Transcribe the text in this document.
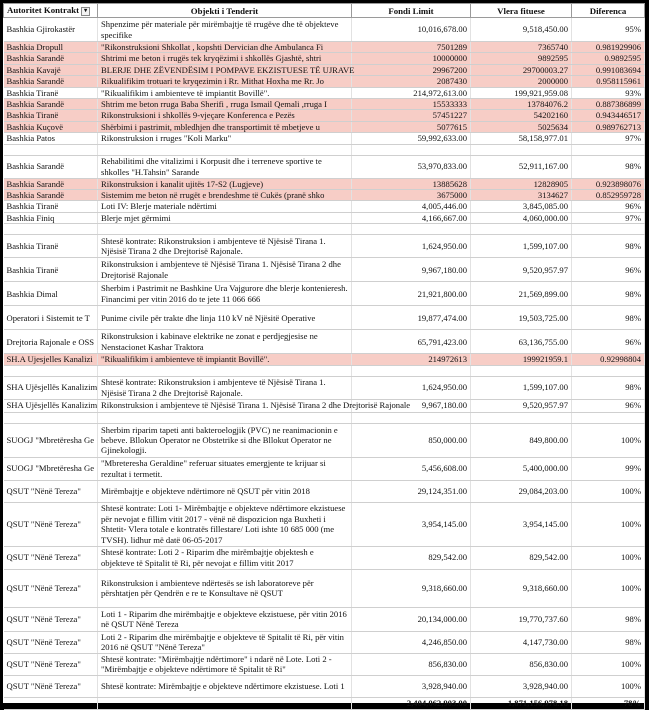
Autoritet Kontrakt ▾	Objekti i Tenderit	Fondi Limit	Vlera fituese	Diferenca
Bashkia Gjirokastër	Shpenzime për materiale për mirëmbajtje të rrugëve dhe të objekteve specifike	10,016,678.00	9,518,450.00	95%
Bashkia Dropull	"Rikonstruksioni Shkollat , kopshti Dervician dhe Ambulanca Fi	7501289	7365740	0.981929906
Bashkia Sarandë	Shtrimi me beton i rrugës tek kryqëzimi i shkollës Gjashtë, shtri	10000000	9892595	0.9892595
Bashkia Kavajë	BLERJE DHE ZËVENDËSIM I POMPAVE EKZISTUESE TË UJRAVE	29967200	29700003.27	0.991083694
Bashkia Sarandë	Rikualifikim trotuari te kryqezimin i Rr. Mithat Hoxha me Rr. Jo	2087430	2000000	0.958115961
Bashkia Tiranë	"Rikualifikim i ambienteve të impiantit Bovillë".	214,972,613.00	199,921,959.08	93%
Bashkia Sarandë	Shtrim me beton rruga Baba Sherifi , rruga Ismail Qemali ,rruga I	15533333	13784076.2	0.887386899
Bashkia Tiranë	Rikonstruksioni i shkollës 9-vjeçare Konferenca e Pezës	57451227	54202160	0.943446517
Bashkia Kuçovë	Shërbimi i pastrimit, mbledhjen dhe transportimit të mbetjeve u	5077615	5025634	0.989762713
Bashkia Patos	Rikonstruksion i rruges "Koli Marku"	59,992,633.00	58,158,977.01	97%

Bashkia Sarandë	Rehabilitimi dhe vitalizimi i Korpusit dhe i terreneve sportive te shkolles "H.Tahsin" Sarande	53,970,833.00	52,911,167.00	98%
Bashkia Sarandë	Rikonstruksion i kanalit ujitës 17-S2 (Lugjeve)	13885628	12828905	0.923898076
Bashkia Sarandë	Sistemim me beton në rrugët e brendeshme të Cukës (pranë shko	3675000	3134627	0.852959728
Bashkia Tiranë	Loti IV: Blerje materiale ndërtimi	4,005,446.00	3,845,085.00	96%
Bashkia Finiq	Blerje mjet gërmimi	4,166,667.00	4,060,000.00	97%

Bashkia Tiranë	Shtesë kontrate: Rikonstruksion i ambjenteve të Njësisë Tirana 1. Njësisë Tirana 2 dhe Drejtorisë Rajonale.	1,624,950.00	1,599,107.00	98%
Bashkia Tiranë	Rikonstruksion i ambjenteve të Njësisë Tirana 1. Njësisë Tirana 2 dhe Drejtorisë Rajonale	9,967,180.00	9,520,957.97	96%
Bashkia Dimal	Sherbim i Pastrimit ne Bashkine Ura Vajgurore dhe blerje kontenieresh. Financimi per vitin 2016 do te jete 11 066 666	21,921,800.00	21,569,899.00	98%
Operatori i Sistemit te T	Punime civile për trakte dhe linja 110 kV në Njësitë Operative	19,877,474.00	19,503,725.00	98%
Drejtoria Rajonale e OSS	Rikonstruksion i kabinave elektrike ne zonat e perdjegjesise ne Nenstacionet Kashar Traktora	65,791,423.00	63,136,755.00	96%
SH.A Ujesjelles Kanalizi	"Rikualifikim i ambienteve të impiantit Bovillë".	214972613	199921959.1	0.92998804

SHA Ujësjellës Kanalizim	Shtesë kontrate: Rikonstruksion i ambjenteve të Njësisë Tirana 1. Njësisë Tirana 2 dhe Drejtorisë Rajonale.	1,624,950.00	1,599,107.00	98%
SHA Ujësjellës Kanalizim	Rikonstruksion i ambjenteve të Njësisë Tirana 1. Njësisë Tirana 2 dhe Drejtorisë Rajonale	9,967,180.00	9,520,957.97	96%

SUOGJ "Mbretëresha Ge	Sherbim riparim tapeti anti bakteroelogjik (PVC) ne reanimacionin e bebeve. Bllokun Operator ne Obstetrike si dhe Bllokut Operator ne Gjinekologji.	850,000.00	849,800.00	100%
SUOGJ "Mbretëresha Ge	"Mbreteresha Geraldine" referuar situates emergjente te krijuar si rezultat i termetit.	5,456,608.00	5,400,000.00	99%
QSUT "Nënë Tereza"	Mirëmbajtje e objekteve ndërtimore në QSUT për vitin 2018	29,124,351.00	29,084,203.00	100%
QSUT "Nënë Tereza"	Shtesë kontrate: Loti 1- Mirëmbajtje e objekteve ndërtimore ekzistuese për nevojat e fillim vitit 2017 - vënë në dispozicion nga Buxheti i Shtetit- Vlera totale e kontratës fillestare/ Loti ishte 10 685 000 (me TVSH). lidhur më datë 06-05-2017	3,954,145.00	3,954,145.00	100%
QSUT "Nënë Tereza"	Shtesë kontrate: Loti 2 - Riparim dhe mirëmbajtje objektesh e objekteve të Spitalit të Ri, për nevojat e fillim vitit 2017	829,542.00	829,542.00	100%
QSUT "Nënë Tereza"	Rikonstruksion i ambienteve ndërtesës se ish laboratoreve për përshtatjen për Qendrën e re te Konsultave në QSUT	9,318,660.00	9,318,660.00	100%
QSUT "Nënë Tereza"	Loti 1 - Riparim dhe mirëmbajtje e objekteve ekzistuese, për vitin 2016 në QSUT Nënë Tereza	20,134,000.00	19,770,737.60	98%
QSUT "Nënë Tereza"	Loti 2 - Riparim dhe mirëmbajtje e objekteve të Spitalit të Ri, për vitin 2016 në QSUT "Nënë Tereza"	4,246,850.00	4,147,730.00	98%
QSUT "Nënë Tereza"	Shtesë kontrate: "Mirëmbajtje ndërtimore" i ndarë në Lote. Loti 2 - "Mirëmbajtje e objekteve ndërtimore të Spitalit të Ri"	856,830.00	856,830.00	100%
QSUT "Nënë Tereza"	Shtesë kontrate: Mirëmbajtje e objekteve ndërtimore ekzistuese. Loti 1	3,928,940.00	3,928,940.00	100%
		2,404,062,903.00	1,871,156,978.18	78%
